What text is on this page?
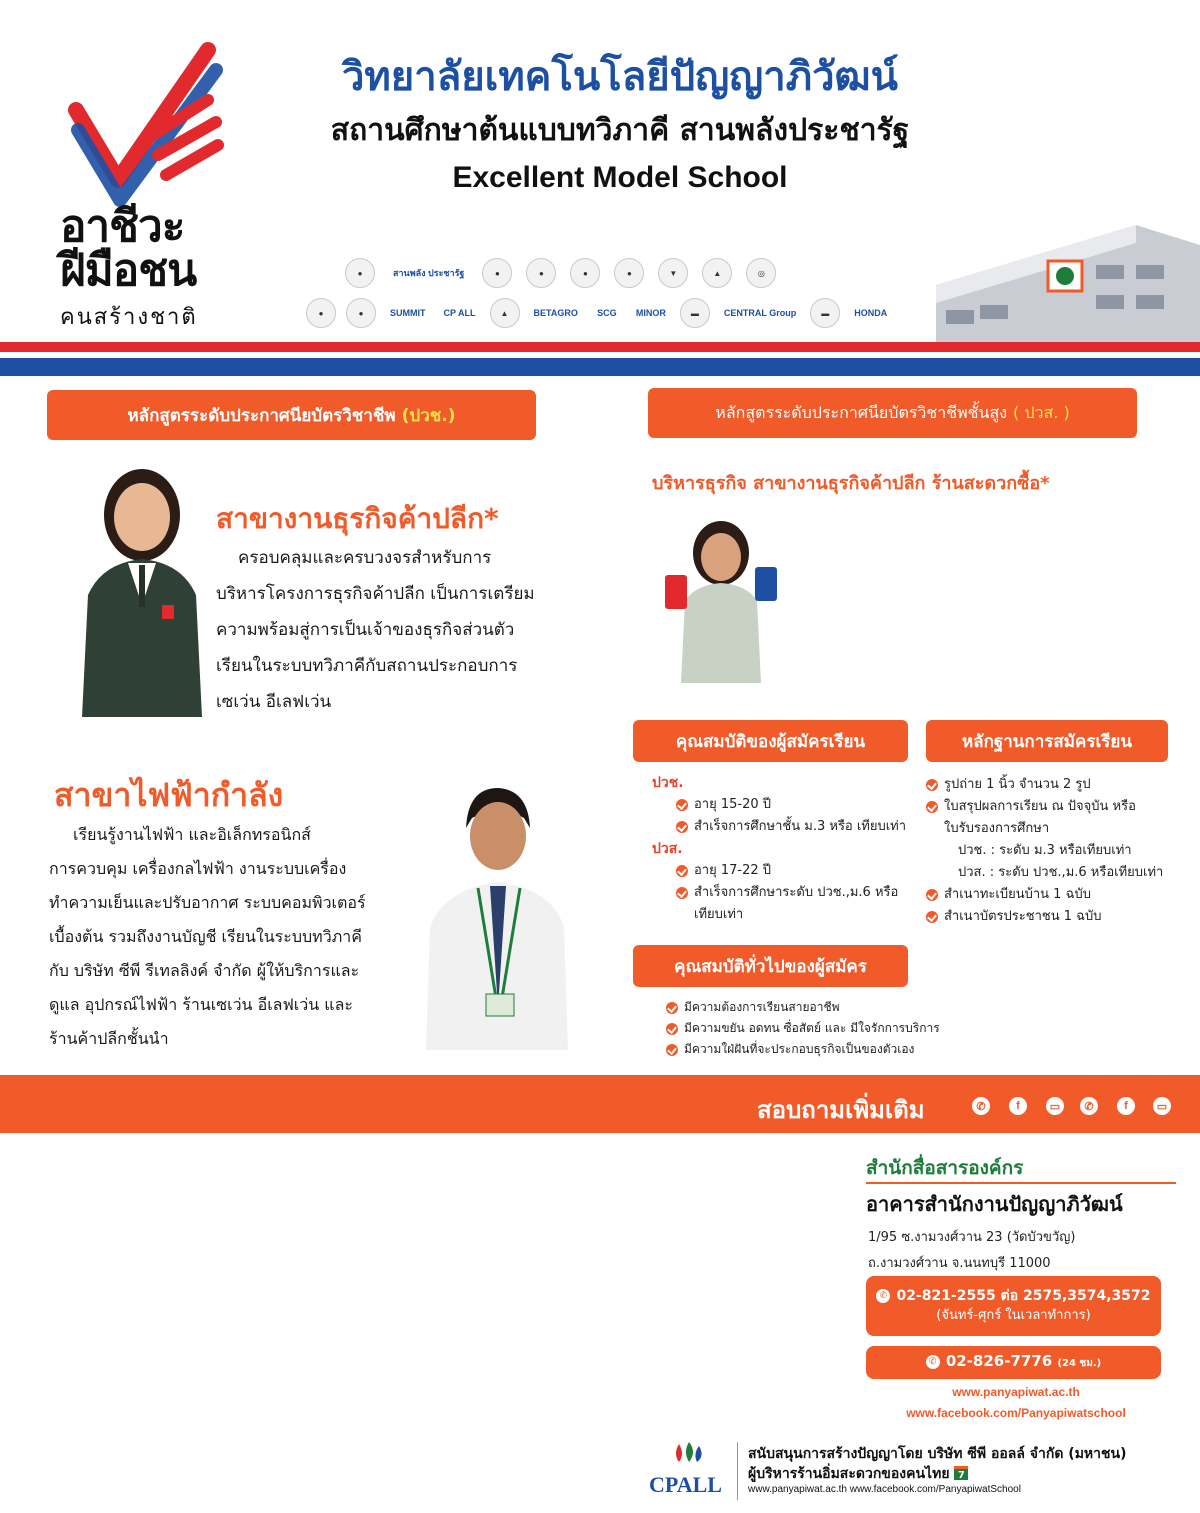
อาชีวะ
ฝีมือชน
คนสร้างชาติ
วิทยาลัยเทคโนโลยีปัญญาภิวัฒน์
สถานศึกษาต้นแบบทวิภาคี สานพลังประชารัฐ
Excellent Model School
●	สานพลัง ประชารัฐ	●	●	●	●	▼	▲	◎
●	●	SUMMIT	CP ALL	▲	BETAGRO	SCG	MINOR	▬	CENTRAL Group	▬	HONDA
หลักสูตรระดับประกาศนียบัตรวิชาชีพ (ปวช.)
สาขางานธุรกิจค้าปลีก*
ครอบคลุมและครบวงจรสำหรับการ
บริหารโครงการธุรกิจค้าปลีก เป็นการเตรียม
ความพร้อมสู่การเป็นเจ้าของธุรกิจส่วนตัว
เรียนในระบบทวิภาคีกับสถานประกอบการ
เซเว่น อีเลฟเว่น
สาขาไฟฟ้ากำลัง
เรียนรู้งานไฟฟ้า และอิเล็กทรอนิกส์
การควบคุม เครื่องกลไฟฟ้า งานระบบเครื่อง
ทำความเย็นและปรับอากาศ ระบบคอมพิวเตอร์
เบื้องต้น รวมถึงงานบัญชี เรียนในระบบทวิภาคี
กับ บริษัท ซีพี รีเทลลิงค์ จำกัด ผู้ให้บริการและ
ดูแล อุปกรณ์ไฟฟ้า ร้านเซเว่น อีเลฟเว่น และ
ร้านค้าปลีกชั้นนำ
หลักสูตรระดับประกาศนียบัตรวิชาชีพชั้นสูง ( ปวส. )
บริหารธุรกิจ สาขางานธุรกิจค้าปลีก ร้านสะดวกซื้อ*
คุณสมบัติของผู้สมัครเรียน
ปวช.
อายุ 15-20 ปี
สำเร็จการศึกษาชั้น ม.3 หรือ เทียบเท่า
ปวส.
อายุ 17-22 ปี
สำเร็จการศึกษาระดับ ปวช.,ม.6 หรือ
เทียบเท่า
หลักฐานการสมัครเรียน
รูปถ่าย 1 นิ้ว จำนวน 2 รูป
ใบสรุปผลการเรียน ณ ปัจจุบัน หรือ
ใบรับรองการศึกษา
ปวช. : ระดับ ม.3 หรือเทียบเท่า
ปวส. : ระดับ ปวช.,ม.6 หรือเทียบเท่า
สำเนาทะเบียนบ้าน 1 ฉบับ
สำเนาบัตรประชาชน 1 ฉบับ
คุณสมบัติทั่วไปของผู้สมัคร
มีความต้องการเรียนสายอาชีพ
มีความขยัน อดทน ซื่อสัตย์ และ มีใจรักการบริการ
มีความใฝ่ฝันที่จะประกอบธุรกิจเป็นของตัวเอง
สอบถามเพิ่มเติม	✆	f	▭	✆	f	▭
สำนักสื่อสารองค์กร
อาคารสำนักงานปัญญาภิวัฒน์
1/95 ซ.งามวงศ์วาน 23 (วัดบัวขวัญ)
ถ.งามวงศ์วาน จ.นนทบุรี 11000
✆ 02-821-2555 ต่อ 2575,3574,3572
(จันทร์-ศุกร์ ในเวลาทำการ)
✆ 02-826-7776 (24 ชม.)
www.panyapiwat.ac.th
www.facebook.com/Panyapiwatschool
CPALL
สนับสนุนการสร้างปัญญาโดย บริษัท ซีพี ออลล์ จำกัด (มหาชน)
ผู้บริหารร้านอิ่มสะดวกของคนไทย 7
www.panyapiwat.ac.th www.facebook.com/PanyapiwatSchool
